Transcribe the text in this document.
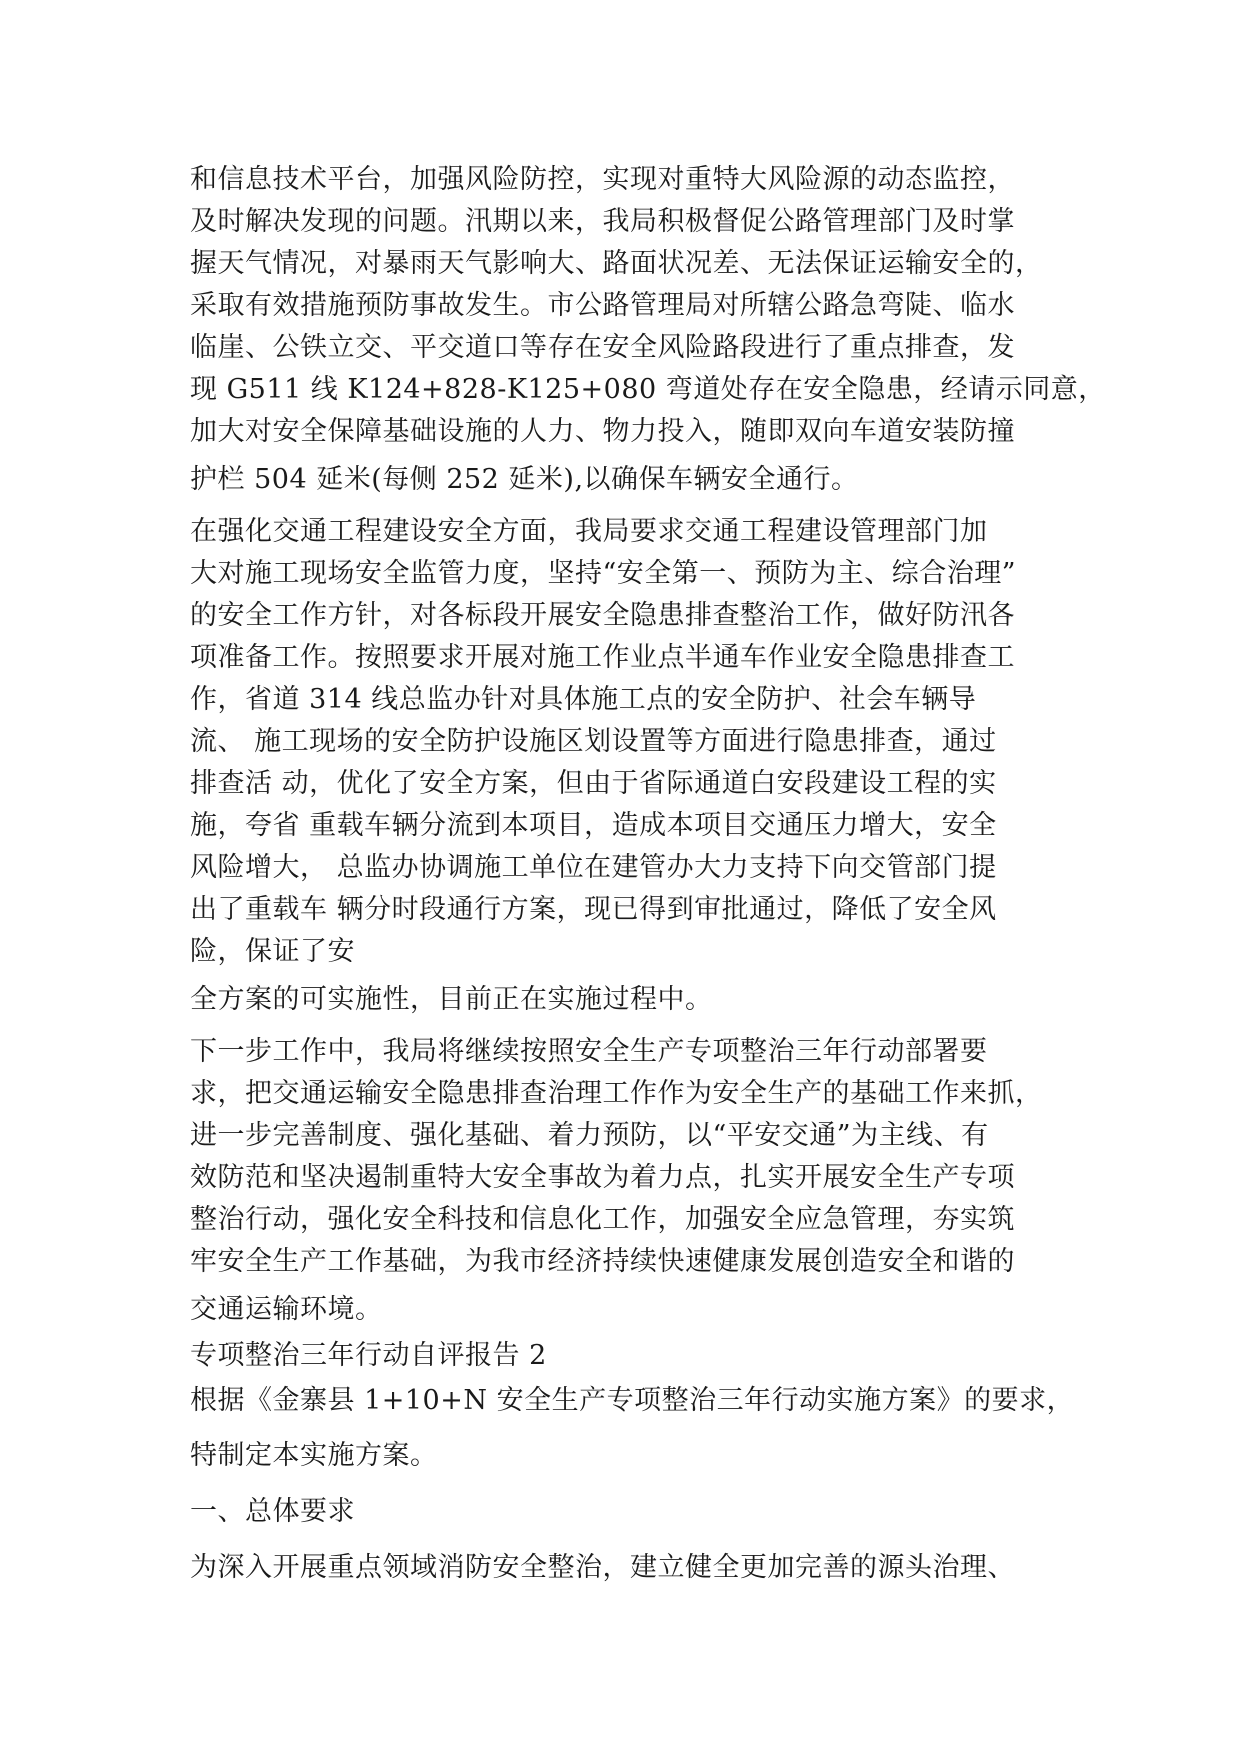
和信息技术平台，加强风险防控，实现对重特大风险源的动态监控，
及时解决发现的问题。汛期以来，我局积极督促公路管理部门及时掌
握天气情况，对暴雨天气影响大、路面状况差、无法保证运输安全的，
采取有效措施预防事故发生。市公路管理局对所辖公路急弯陡、临水
临崖、公铁立交、平交道口等存在安全风险路段进行了重点排查，发
现 G511 线 K124+828-K125+080 弯道处存在安全隐患，经请示同意，
加大对安全保障基础设施的人力、物力投入，随即双向车道安装防撞
护栏 504 延米(每侧 252 延米),以确保车辆安全通行。
在强化交通工程建设安全方面，我局要求交通工程建设管理部门加
大对施工现场安全监管力度，坚持“安全第一、预防为主、综合治理”
的安全工作方针，对各标段开展安全隐患排查整治工作，做好防汛各
项准备工作。按照要求开展对施工作业点半通车作业安全隐患排查工
作，省道 314 线总监办针对具体施工点的安全防护、社会车辆导
流、 施工现场的安全防护设施区划设置等方面进行隐患排查，通过
排查活 动，优化了安全方案，但由于省际通道白安段建设工程的实
施，夸省 重载车辆分流到本项目，造成本项目交通压力增大，安全
风险增大， 总监办协调施工单位在建管办大力支持下向交管部门提
出了重载车 辆分时段通行方案，现已得到审批通过，降低了安全风
险，保证了安
全方案的可实施性，目前正在实施过程中。
下一步工作中，我局将继续按照安全生产专项整治三年行动部署要
求，把交通运输安全隐患排查治理工作作为安全生产的基础工作来抓，
进一步完善制度、强化基础、着力预防，以“平安交通”为主线、有
效防范和坚决遏制重特大安全事故为着力点，扎实开展安全生产专项
整治行动，强化安全科技和信息化工作，加强安全应急管理，夯实筑
牢安全生产工作基础，为我市经济持续快速健康发展创造安全和谐的
交通运输环境。
专项整治三年行动自评报告 2
根据《金寨县 1+10+N 安全生产专项整治三年行动实施方案》的要求，
特制定本实施方案。
一、总体要求
为深入开展重点领域消防安全整治，建立健全更加完善的源头治理、
